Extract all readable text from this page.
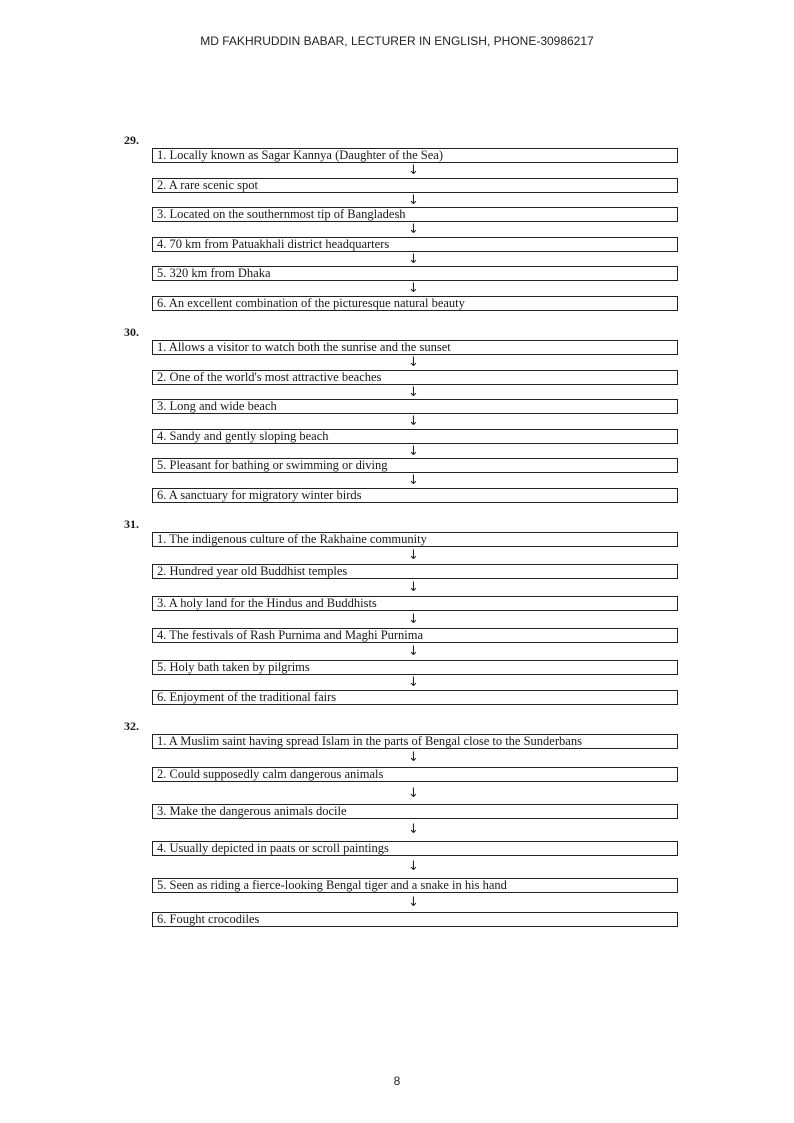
MD FAKHRUDDIN BABAR, LECTURER IN ENGLISH, PHONE-30986217
29.
1. Locally known as Sagar Kannya (Daughter of the Sea)
↓
2. A rare scenic spot
↓
3. Located on the southernmost tip of Bangladesh
↓
4. 70 km from Patuakhali district headquarters
↓
5. 320 km from Dhaka
↓
6. An excellent combination of the picturesque natural beauty
30.
1. Allows a visitor to watch both the sunrise and the sunset
↓
2. One of the world's most attractive beaches
↓
3. Long and wide beach
↓
4. Sandy and gently sloping beach
↓
5. Pleasant for bathing or swimming or diving
↓
6. A sanctuary for migratory winter birds
31.
1. The indigenous culture of the Rakhaine community
↓
2. Hundred year old Buddhist temples
↓
3. A holy land for the Hindus and Buddhists
↓
4. The festivals of Rash Purnima and Maghi Purnima
↓
5. Holy bath taken by pilgrims
↓
6. Enjoyment of the traditional fairs
32.
1. A Muslim saint having spread Islam in the parts of Bengal close to the Sunderbans
↓
2. Could supposedly calm dangerous animals
↓
3. Make the dangerous animals docile
↓
4. Usually depicted in paats or scroll paintings
↓
5. Seen as riding a fierce-looking Bengal tiger and a snake in his hand
↓
6. Fought crocodiles
8
